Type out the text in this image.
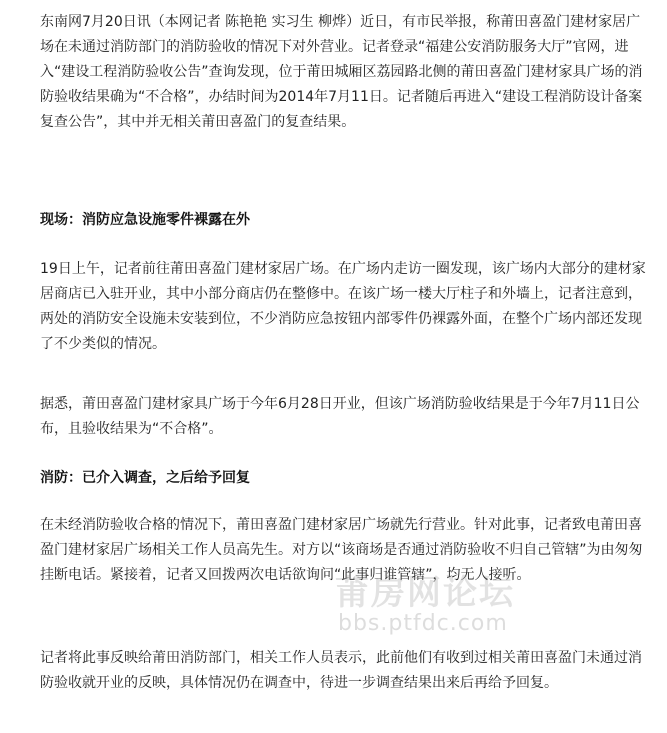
东南网7月20日讯（本网记者 陈艳艳 实习生 柳烨）近日，有市民举报，称莆田喜盈门建材家居广场在未通过消防部门的消防验收的情况下对外营业。记者登录“福建公安消防服务大厅”官网，进入“建设工程消防验收公告”查询发现，位于莆田城厢区荔园路北侧的莆田喜盈门建材家具广场的消防验收结果确为“不合格”，办结时间为2014年7月11日。记者随后再进入“建设工程消防设计备案复查公告”，其中并无相关莆田喜盈门的复查结果。

现场：消防应急设施零件裸露在外

19日上午，记者前往莆田喜盈门建材家居广场。在广场内走访一圈发现，该广场内大部分的建材家居商店已入驻开业，其中小部分商店仍在整修中。在该广场一楼大厅柱子和外墙上，记者注意到，两处的消防安全设施未安装到位，不少消防应急按钮内部零件仍裸露外面，在整个广场内部还发现了不少类似的情况。

据悉，莆田喜盈门建材家具广场于今年6月28日开业，但该广场消防验收结果是于今年7月11日公布，且验收结果为“不合格”。

消防：已介入调查，之后给予回复

在未经消防验收合格的情况下，莆田喜盈门建材家居广场就先行营业。针对此事，记者致电莆田喜盈门建材家居广场相关工作人员高先生。对方以“该商场是否通过消防验收不归自己管辖”为由匆匆挂断电话。紧接着，记者又回拨两次电话欲询问“此事归谁管辖”，均无人接听。

记者将此事反映给莆田消防部门，相关工作人员表示，此前他们有收到过相关莆田喜盈门未通过消防验收就开业的反映，具体情况仍在调查中，待进一步调查结果出来后再给予回复。

莆房网论坛
bbs.ptfdc.com
